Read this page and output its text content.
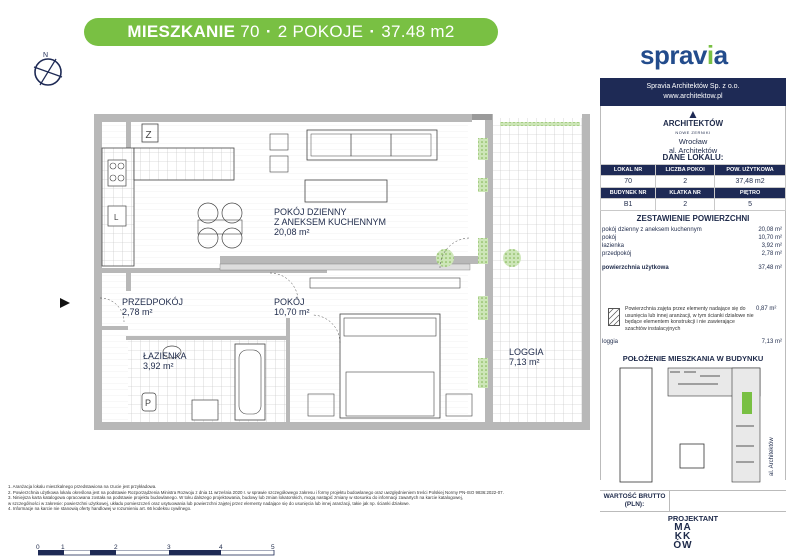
MIESZKANIE
70 · 2 POKOJE · 37.48 m2
spravia
N
Z
L
P
POKÓJ DZIENNY
Z ANEKSEM KUCHENNYM
20,08 m²
PRZEDPOKÓJ
2,78 m²
POKÓJ
10,70 m²
ŁAZIENKA
3,92 m²
LOGGIA
7,13 m²
Spravia Architektów Sp. z o.o.
www.architektow.pl
▲
ARCHITEKTÓW
NOWE ZERNIKI
Wrocław
al. Architektów
DANE LOKALU:
LOKAL NR	LICZBA POKOI	POW. UŻYTKOWA
70	2	37,48 m2
BUDYNEK NR	KLATKA NR	PIĘTRO
B1	2	5
ZESTAWIENIE POWIERZCHNI
pokój dzienny z aneksem kuchennym	20,08 m²
pokój	10,70 m²
łazienka	3,92 m²
przedpokój	2,78 m²
powierzchnia użytkowa	37,48 m²
Powierzchnia zajęta przez elementy nadające się do usunięcia lub innej aranżacji, w tym ścianki działowe nie będące elementem konstrukcji i nie zawierające szachtów instalacyjnych
0,87 m²
loggia	7,13 m²
POŁOŻENIE MIESZKANIA W BUDYNKU
al. Architektów
WARTOŚĆ BRUTTO (PLN):
PROJEKTANT
MA KK ÓW
1. Aranżacja lokalu mieszkalnego przedstawiona na rzucie jest przykładowa.
2. Powierzchnia użytkowa lokalu określona jest na podstawie Rozporządzenia Ministra Rozwoju z dnia 11 września 2020 r. w sprawie szczegółowego zakresu i formy projektu budowlanego oraz uwzględnieniem treści Polskiej Normy PN-ISO 9836:2022-07.
3. Niniejsza karta katalogowa opracowana została na podstawie projektu budowlanego. W toku dalszego projektowania, budowy lub zmian lokatorskich, mogą nastąpić zmiany w stosunku do informacji zawartych na karcie katalogowej,
w szczególności w zakresie: powierzchni użytkowej, układu pomieszczeń oraz usytuowania lub powierzchni zajętej przez elementy nadające się do usunięcia lub innej aranżacji, takie jak np. ścianki działowe.
4. Informacje na karcie nie stanowią oferty handlowej w rozumieniu art. 66 kodeksu cywilnego.
0	1	2	3	4	5
